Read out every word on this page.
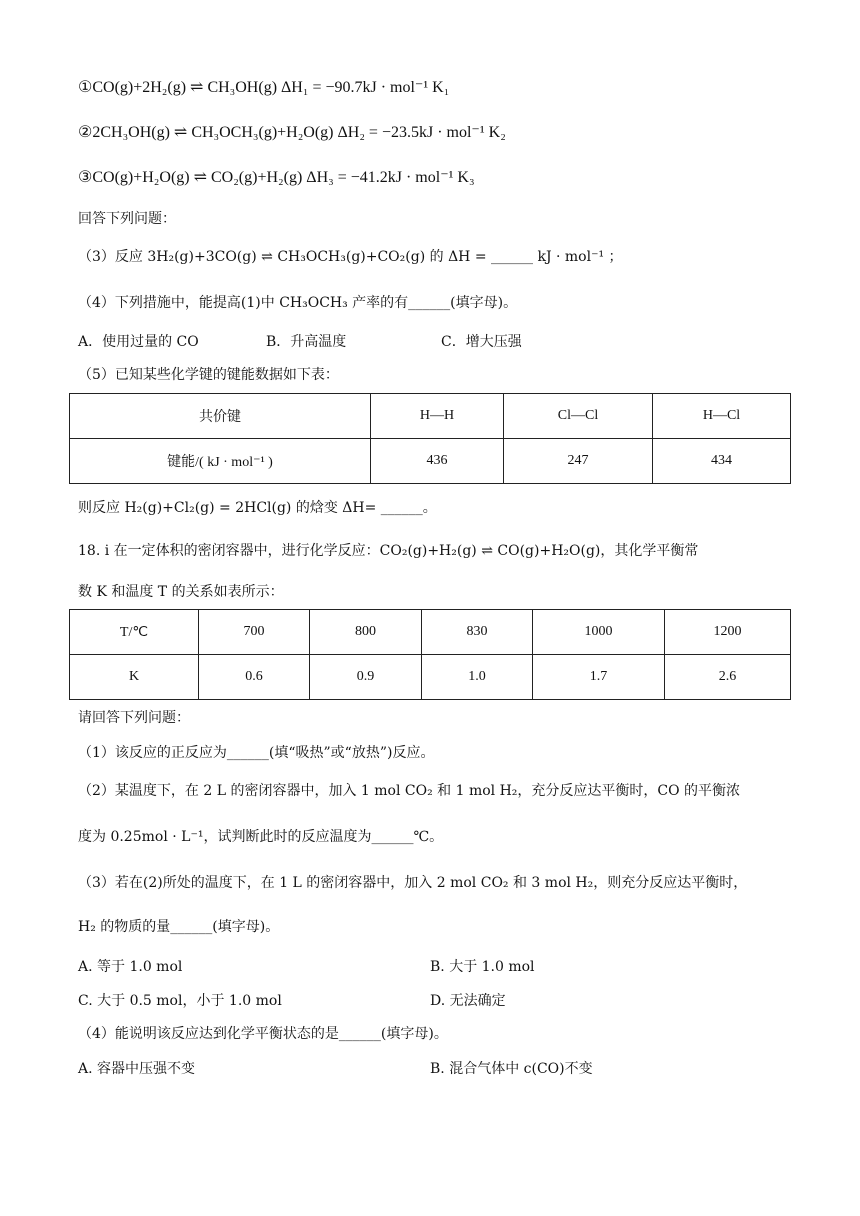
①CO(g)+2H₂(g) ⇌ CH₃OH(g) ΔH₁ = −90.7kJ · mol⁻¹ K₁
②2CH₃OH(g) ⇌ CH₃OCH₃(g)+H₂O(g) ΔH₂ = −23.5kJ · mol⁻¹ K₂
③CO(g)+H₂O(g) ⇌ CO₂(g)+H₂(g) ΔH₃ = −41.2kJ · mol⁻¹ K₃
回答下列问题：
（3）反应 3H₂(g)+3CO(g) ⇌ CH₃OCH₃(g)+CO₂(g) 的 ΔH = ______ kJ · mol⁻¹ ；
（4）下列措施中，能提高(1)中 CH₃OCH₃ 产率的有______(填字母)。
A．使用过量的 CO	B．升高温度	C．增大压强
（5）已知某些化学键的键能数据如下表：
共价键	H—H	Cl—Cl	H—Cl
键能/( kJ · mol⁻¹ )	436	247	434
则反应 H₂(g)+Cl₂(g) = 2HCl(g) 的焓变 ΔH= ______。
18. ⅰ 在一定体积的密闭容器中，进行化学反应：CO₂(g)+H₂(g) ⇌ CO(g)+H₂O(g)，其化学平衡常
数 K 和温度 T 的关系如表所示：
T/℃	700	800	830	1000	1200
K	0.6	0.9	1.0	1.7	2.6
请回答下列问题：
（1）该反应的正反应为______(填“吸热”或“放热”)反应。
（2）某温度下，在 2 L 的密闭容器中，加入 1 mol CO₂ 和 1 mol H₂，充分反应达平衡时，CO 的平衡浓
度为 0.25mol · L⁻¹，试判断此时的反应温度为______℃。
（3）若在(2)所处的温度下，在 1 L 的密闭容器中，加入 2 mol CO₂ 和 3 mol H₂，则充分反应达平衡时，
H₂ 的物质的量______(填字母)。
A. 等于 1.0 mol	B. 大于 1.0 mol
C. 大于 0.5 mol，小于 1.0 mol	D. 无法确定
（4）能说明该反应达到化学平衡状态的是______(填字母)。
A. 容器中压强不变	B. 混合气体中 c(CO)不变
